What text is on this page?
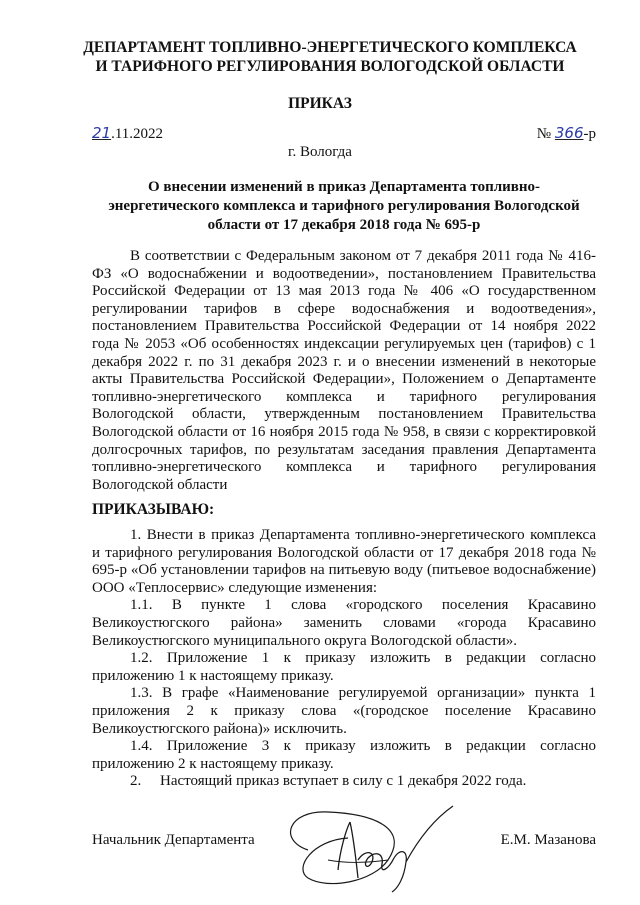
ДЕПАРТАМЕНТ ТОПЛИВНО-ЭНЕРГЕТИЧЕСКОГО КОМПЛЕКСА
И ТАРИФНОГО РЕГУЛИРОВАНИЯ ВОЛОГОДСКОЙ ОБЛАСТИ
ПРИКАЗ
21.11.2022	№ 366-р
г. Вологда
О внесении изменений в приказ Департамента топливно-
энергетического комплекса и тарифного регулирования Вологодской
области от 17 декабря 2018 года № 695-р

В соответствии с Федеральным законом от 7 декабря 2011 года № 416-ФЗ «О водоснабжении и водоотведении», постановлением Правительства Российской Федерации от 13 мая 2013 года № 406 «О государственном регулировании тарифов в сфере водоснабжения и водоотведения», постановлением Правительства Российской Федерации от 14 ноября 2022 года № 2053 «Об особенностях индексации регулируемых цен (тарифов) с 1 декабря 2022 г. по 31 декабря 2023 г. и о внесении изменений в некоторые акты Правительства Российской Федерации», Положением о Департаменте топливно-энергетического комплекса и тарифного регулирования Вологодской области, утвержденным постановлением Правительства Вологодской области от 16 ноября 2015 года № 958, в связи с корректировкой долгосрочных тарифов, по результатам заседания правления Департамента топливно-энергетического комплекса и тарифного регулирования Вологодской области

ПРИКАЗЫВАЮ:

1. Внести в приказ Департамента топливно-энергетического комплекса и тарифного регулирования Вологодской области от 17 декабря 2018 года № 695-р «Об установлении тарифов на питьевую воду (питьевое водоснабжение) ООО «Теплосервис» следующие изменения:

1.1. В пункте 1 слова «городского поселения Красавино Великоустюгского района» заменить словами «города Красавино Великоустюгского муниципального округа Вологодской области».

1.2. Приложение 1 к приказу изложить в редакции согласно приложению 1 к настоящему приказу.

1.3. В графе «Наименование регулируемой организации» пункта 1 приложения 2 к приказу слова «(городское поселение Красавино Великоустюгского района)» исключить.

1.4. Приложение 3 к приказу изложить в редакции согласно приложению 2 к настоящему приказу.

2.     Настоящий приказ вступает в силу с 1 декабря 2022 года.

Начальник Департамента	Е.М. Мазанова
